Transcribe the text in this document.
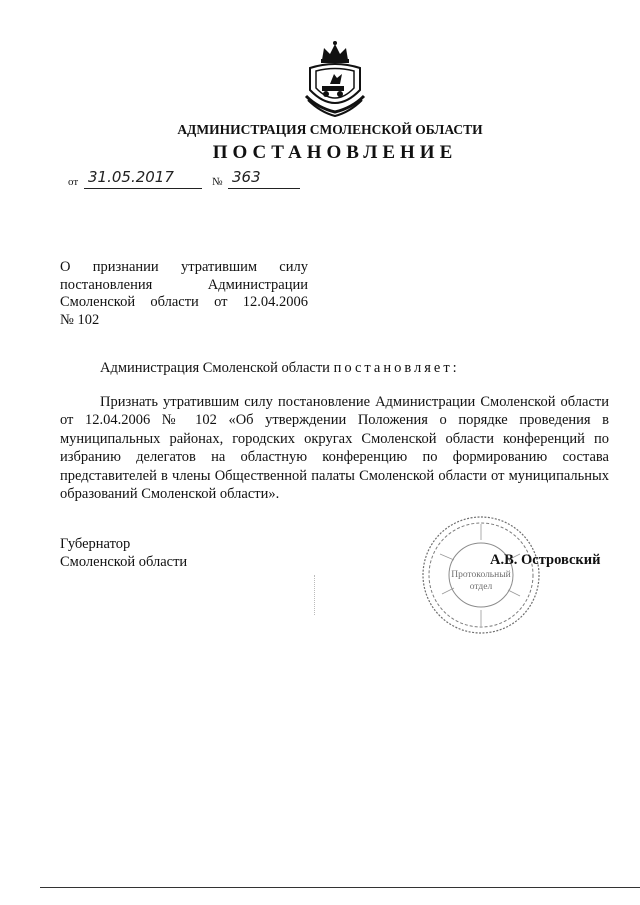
АДМИНИСТРАЦИЯ СМОЛЕНСКОЙ ОБЛАСТИ
ПОСТАНОВЛЕНИЕ
от 31.05.2017	№ 363
О признании утратившим силу
постановления Администрации
Смоленской области от 12.04.2006
№ 102
Администрация Смоленской области постановляет:
Признать утратившим силу постановление Администрации Смоленской области от 12.04.2006 № 102 «Об утверждении Положения о порядке проведения в муниципальных районах, городских округах Смоленской области конференций по избранию делегатов на областную конференцию по формированию состава представителей в члены Общественной палаты Смоленской области от муниципальных образований Смоленской области».
Губернатор
Смоленской области
Протокольный
отдел
А.В. Островский
